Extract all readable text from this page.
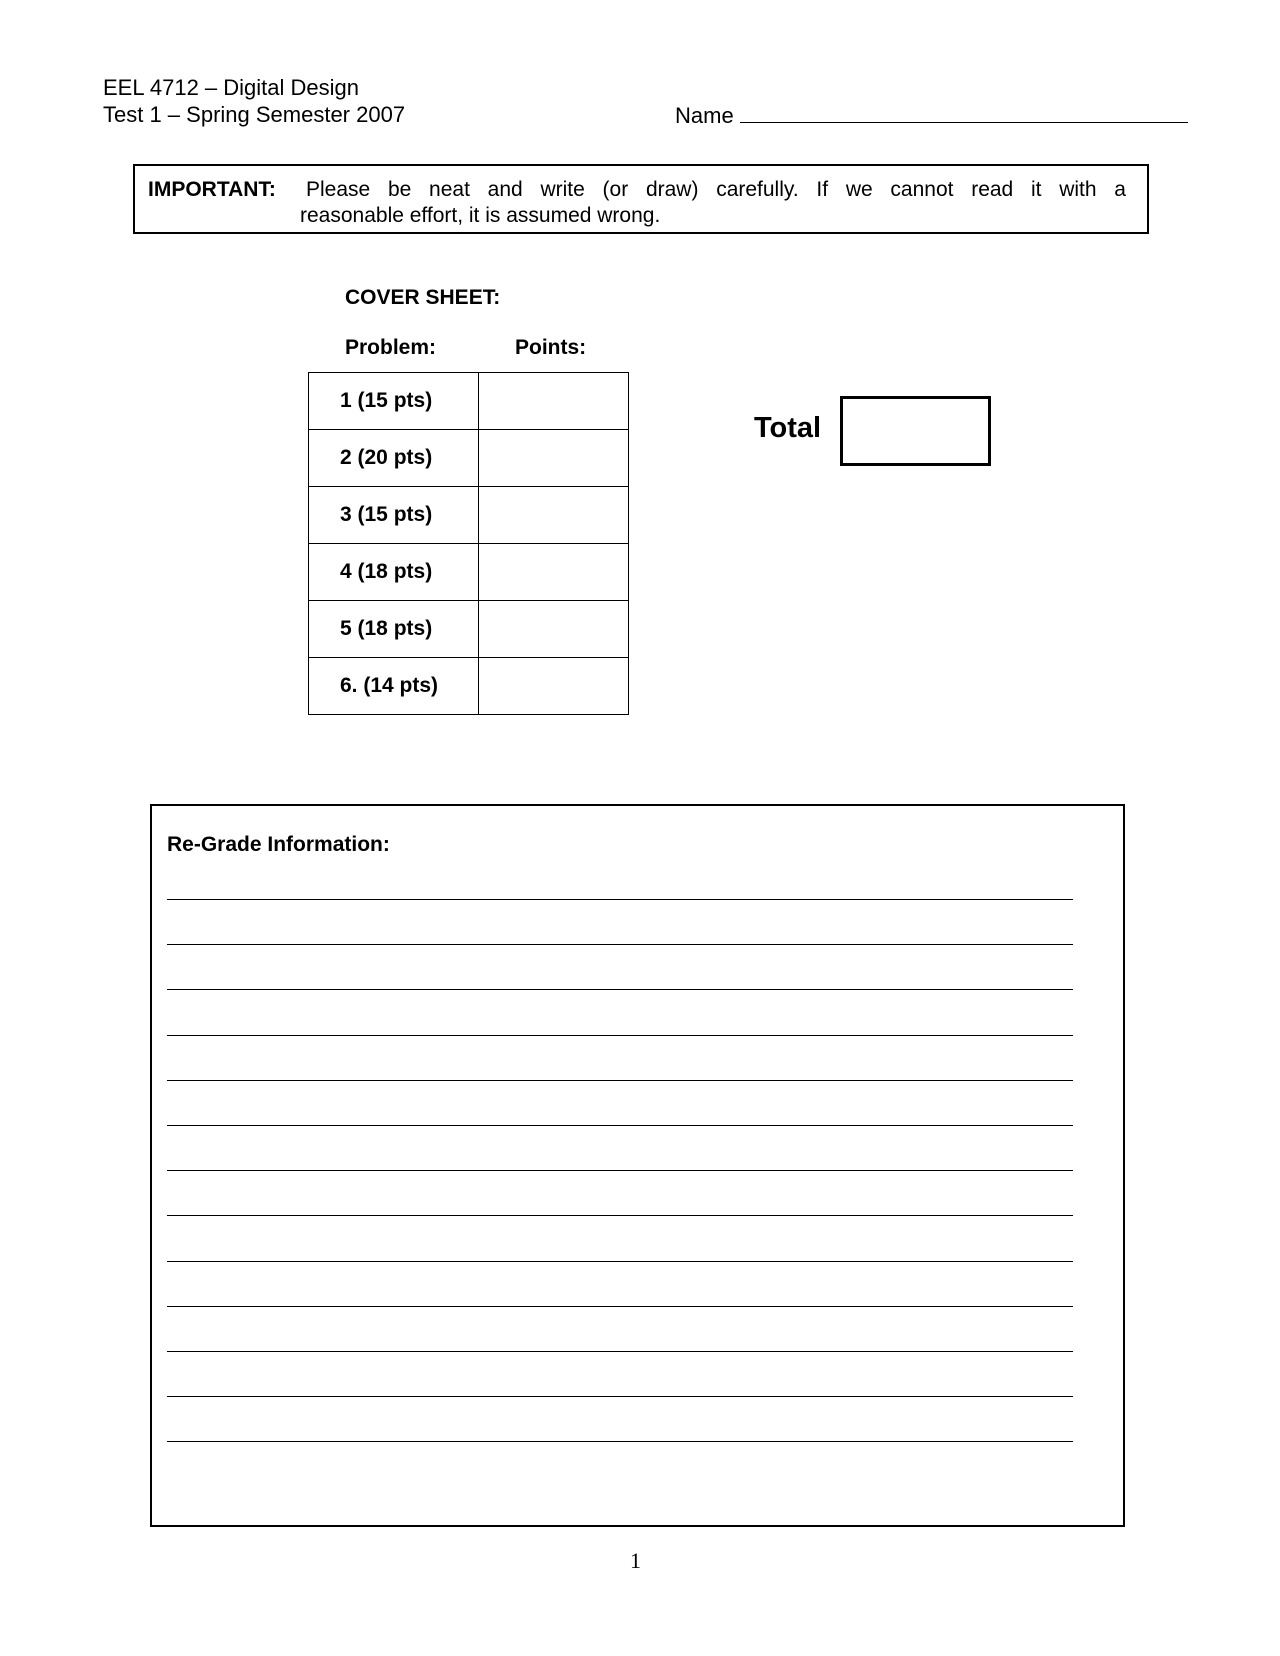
EEL 4712 – Digital Design
Test 1 – Spring Semester 2007	Name
IMPORTANT: Please be neat and write (or draw) carefully. If we cannot read it with a
reasonable effort, it is assumed wrong.
COVER SHEET:
Problem:	Points:
1 (15 pts)	
2 (20 pts)	
3 (15 pts)	
4 (18 pts)	
5 (18 pts)	
6. (14 pts)	
Total
Re-Grade Information:
1
